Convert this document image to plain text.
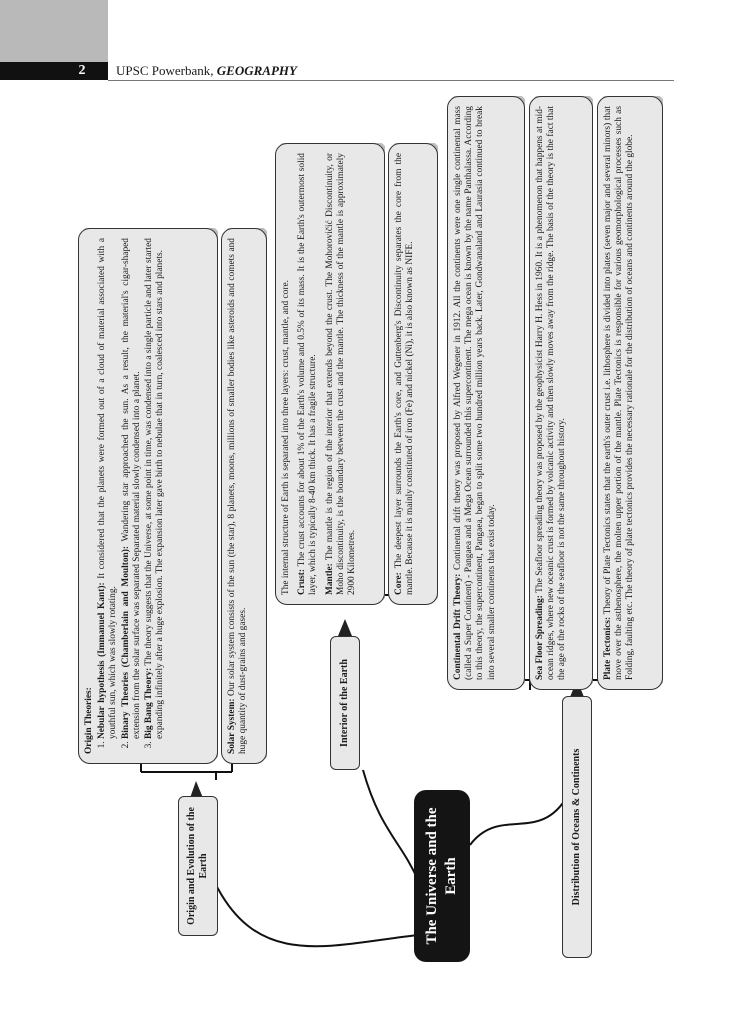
2	UPSC Powerbank, GEOGRAPHY
The Universe and the Earth
Origin and Evolution of the Earth
Interior of the Earth
Distribution of Oceans & Continents
Origin Theories: 1. Nebular hypothesis (Immanuel Kant): It considered that the planets were formed out of a cloud of material associated with a youthful sun, which was slowly rotating. 2. Binary Theories (Chamberlain and Moulton): Wandering star approached the sun. As a result, the material's cigar-shaped extension from the solar surface was separated Separated material slowly condensed into a planet. 3. Big Bang Theory: The theory suggests that the Universe, at some point in time, was condensed into a single particle and later started expanding infinitely after a huge explosion. The expansion later gave birth to nebulae that in turn, coalesced into stars and planets.	Solar System: Our solar system consists of the sun (the star), 8 planets, moons, millions of smaller bodies like asteroids and comets and huge quantity of dust-grains and gases.
The internal structure of Earth is separated into three layers: crust, mantle, and core. Crust: The crust accounts for about 1% of the Earth's volume and 0.5% of its mass. It is the Earth's outermost solid layer, which is typically 8-40 km thick. It has a fragile structure. Mantle: The mantle is the region of the interior that extends beyond the crust. The Mohorovičić Discontinuity, or Moho discontinuity, is the boundary between the crust and the mantle. The thickness of the mantle is approximately 2900 Kilometres.	Core: The deepest layer surrounds the Earth's core, and Guttenberg's Discontinuity separates the core from the mantle. Because it is mainly constituted of iron (Fe) and nickel (Ni), it is also known as NIFE.
Continental Drift Theory: Continental drift theory was proposed by Alfred Wegener in 1912. All the continents were one single continental mass (called a Super Continent) - Pangaea and a Mega Ocean surrounded this supercontinent. The mega ocean is known by the name Panthalassa. According to this theory, the supercontinent, Pangaea, began to split some two hundred million years back. Later, Gondwanaland and Laurasia continued to break into several smaller continents that exist today.	Sea Floor Spreading: The Seafloor spreading theory was proposed by the geophysicist Harry H. Hess in 1960. It is a phenomenon that happens at mid-ocean ridges, where new oceanic crust is formed by volcanic activity and then slowly moves away from the ridge. The basis of the theory is the fact that the age of the rocks of the seafloor is not the same throughout history.	Plate Tectonics: Theory of Plate Tectonics states that the earth's outer crust i.e. lithosphere is divided into plates (seven major and several minors) that move over the asthenosphere, the molten upper portion of the mantle. Plate Tectonics is responsible for various geomorphological processes such as Folding, faulting etc. The theory of plate tectonics provides the necessary rationale for the distribution of oceans and continents around the globe.
